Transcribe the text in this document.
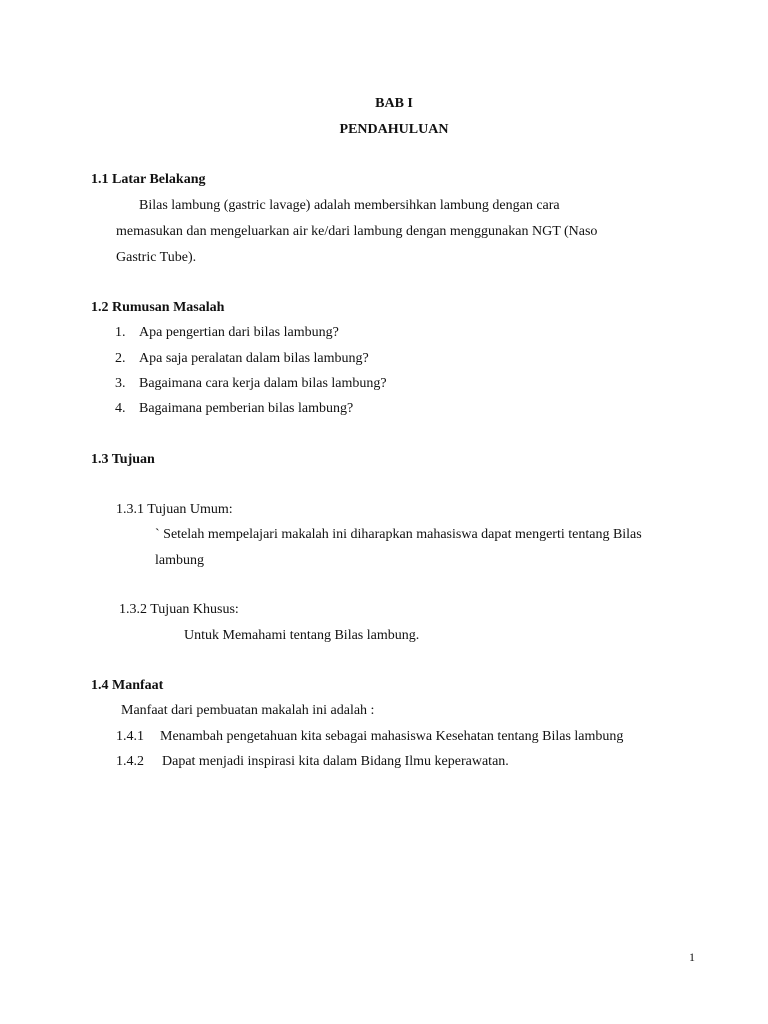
BAB I
PENDAHULUAN
1.1 Latar Belakang
Bilas lambung (gastric lavage) adalah membersihkan lambung dengan cara
memasukan dan mengeluarkan air ke/dari lambung dengan menggunakan NGT (Naso
Gastric Tube).
1.2 Rumusan Masalah
1. Apa pengertian dari bilas lambung?
2. Apa saja peralatan dalam bilas lambung?
3. Bagaimana cara kerja dalam bilas lambung?
4. Bagaimana pemberian bilas lambung?
1.3 Tujuan
1.3.1 Tujuan Umum:
` Setelah mempelajari makalah ini diharapkan mahasiswa dapat mengerti tentang Bilas
lambung
1.3.2 Tujuan Khusus:
Untuk Memahami tentang Bilas lambung.
1.4 Manfaat
Manfaat dari pembuatan makalah ini adalah :
1.4.1 Menambah pengetahuan kita sebagai mahasiswa Kesehatan tentang Bilas lambung
1.4.2 Dapat menjadi inspirasi kita dalam Bidang Ilmu keperawatan.
1
